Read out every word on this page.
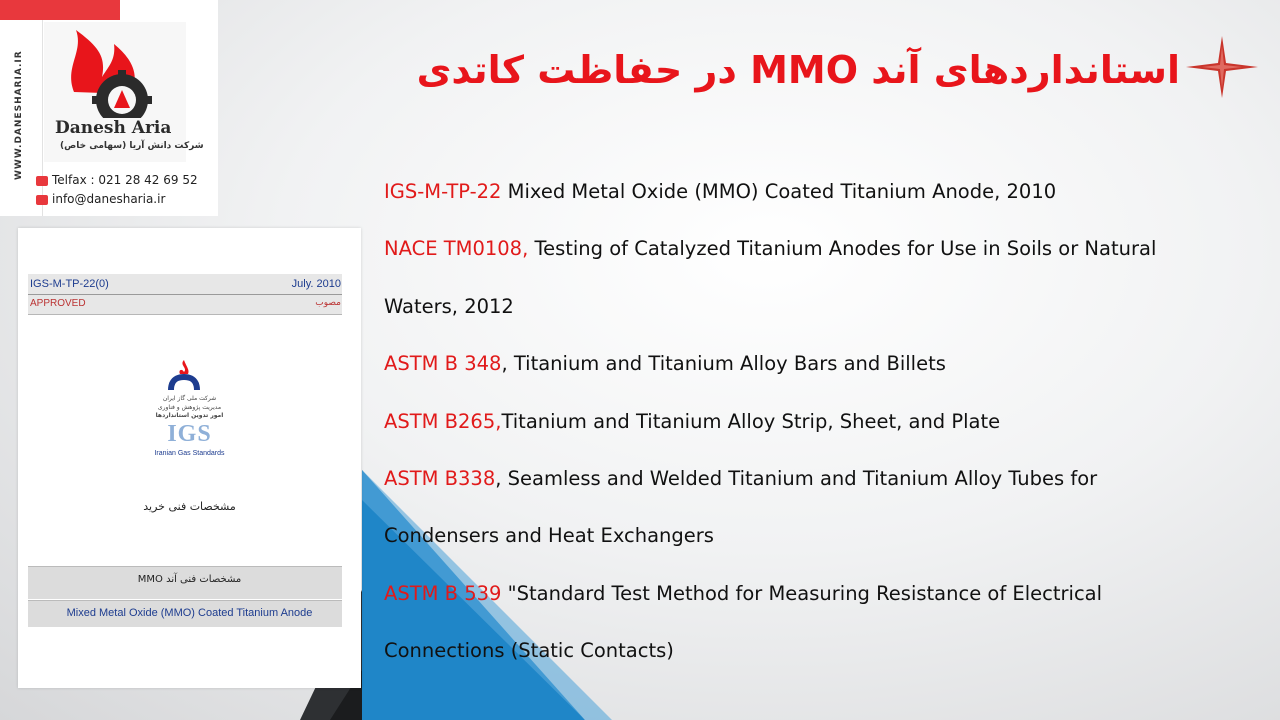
WWW.DANESHARIA.IR	Danesh Aria
شرکت دانش آریا (سهامی خاص)
Telfax : 021 28 42 69 52
info@danesharia.ir
استانداردهای آند MMO در حفاظت کاتدی
IGS-M-TP-22(0)	July. 2010
APPROVED	مصوب
شرکت ملی گاز ایران
مدیریت پژوهش و فناوری
امور تدوین استانداردها
IGS
Iranian Gas Standards
مشخصات فنی خرید
مشخصات فنی آند MMO
Mixed Metal Oxide (MMO) Coated Titanium Anode
IGS-M-TP-22 Mixed Metal Oxide (MMO) Coated Titanium Anode, 2010
NACE TM0108, Testing of Catalyzed Titanium Anodes for Use in Soils or Natural
Waters, 2012
ASTM B 348, Titanium and Titanium Alloy Bars and Billets
ASTM B265,Titanium and Titanium Alloy Strip, Sheet, and Plate
ASTM B338, Seamless and Welded Titanium and Titanium Alloy Tubes for
Condensers and Heat Exchangers
ASTM B 539 "Standard Test Method for Measuring Resistance of Electrical
Connections (Static Contacts)
